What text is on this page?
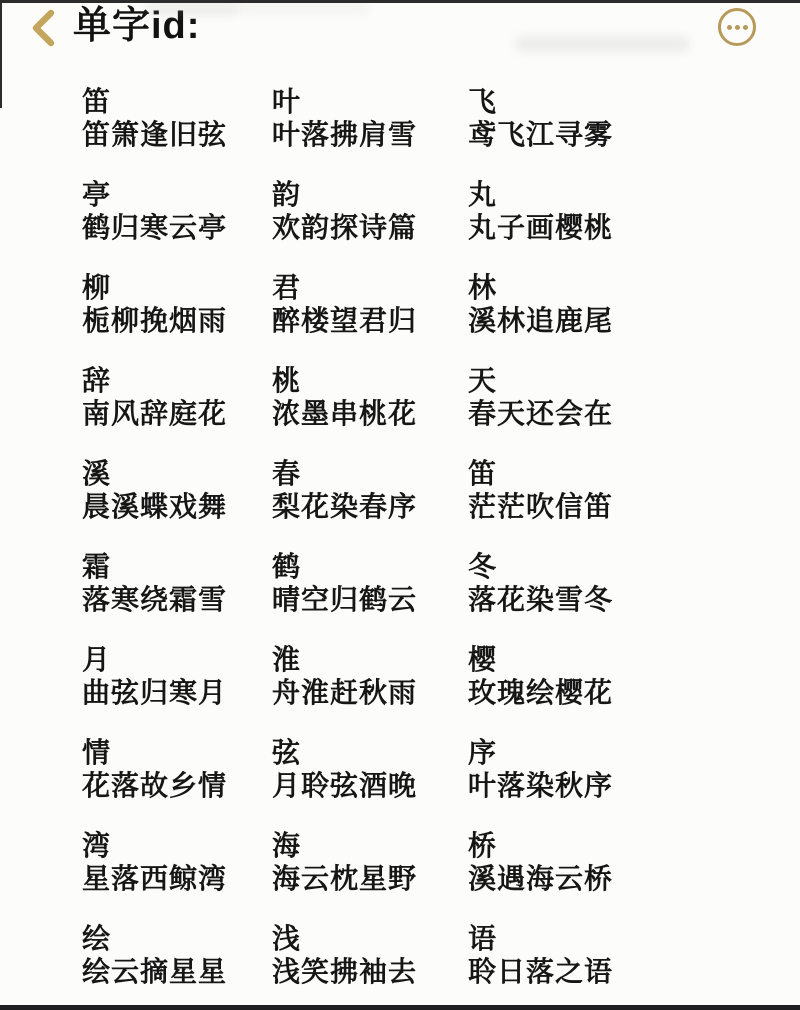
单字id:
笛
笛箫逢旧弦
叶
叶落拂肩雪
飞
鸢飞江寻雾
亭
鹤归寒云亭
韵
欢韵探诗篇
丸
丸子画樱桃
柳
栀柳挽烟雨
君
醉楼望君归
林
溪林追鹿尾
辞
南风辞庭花
桃
浓墨串桃花
天
春天还会在
溪
晨溪蝶戏舞
春
梨花染春序
笛
茫茫吹信笛
霜
落寒绕霜雪
鹤
晴空归鹤云
冬
落花染雪冬
月
曲弦归寒月
淮
舟淮赶秋雨
樱
玫瑰绘樱花
情
花落故乡情
弦
月聆弦酒晚
序
叶落染秋序
湾
星落西鲸湾
海
海云枕星野
桥
溪遇海云桥
绘
绘云摘星星
浅
浅笑拂袖去
语
聆日落之语
